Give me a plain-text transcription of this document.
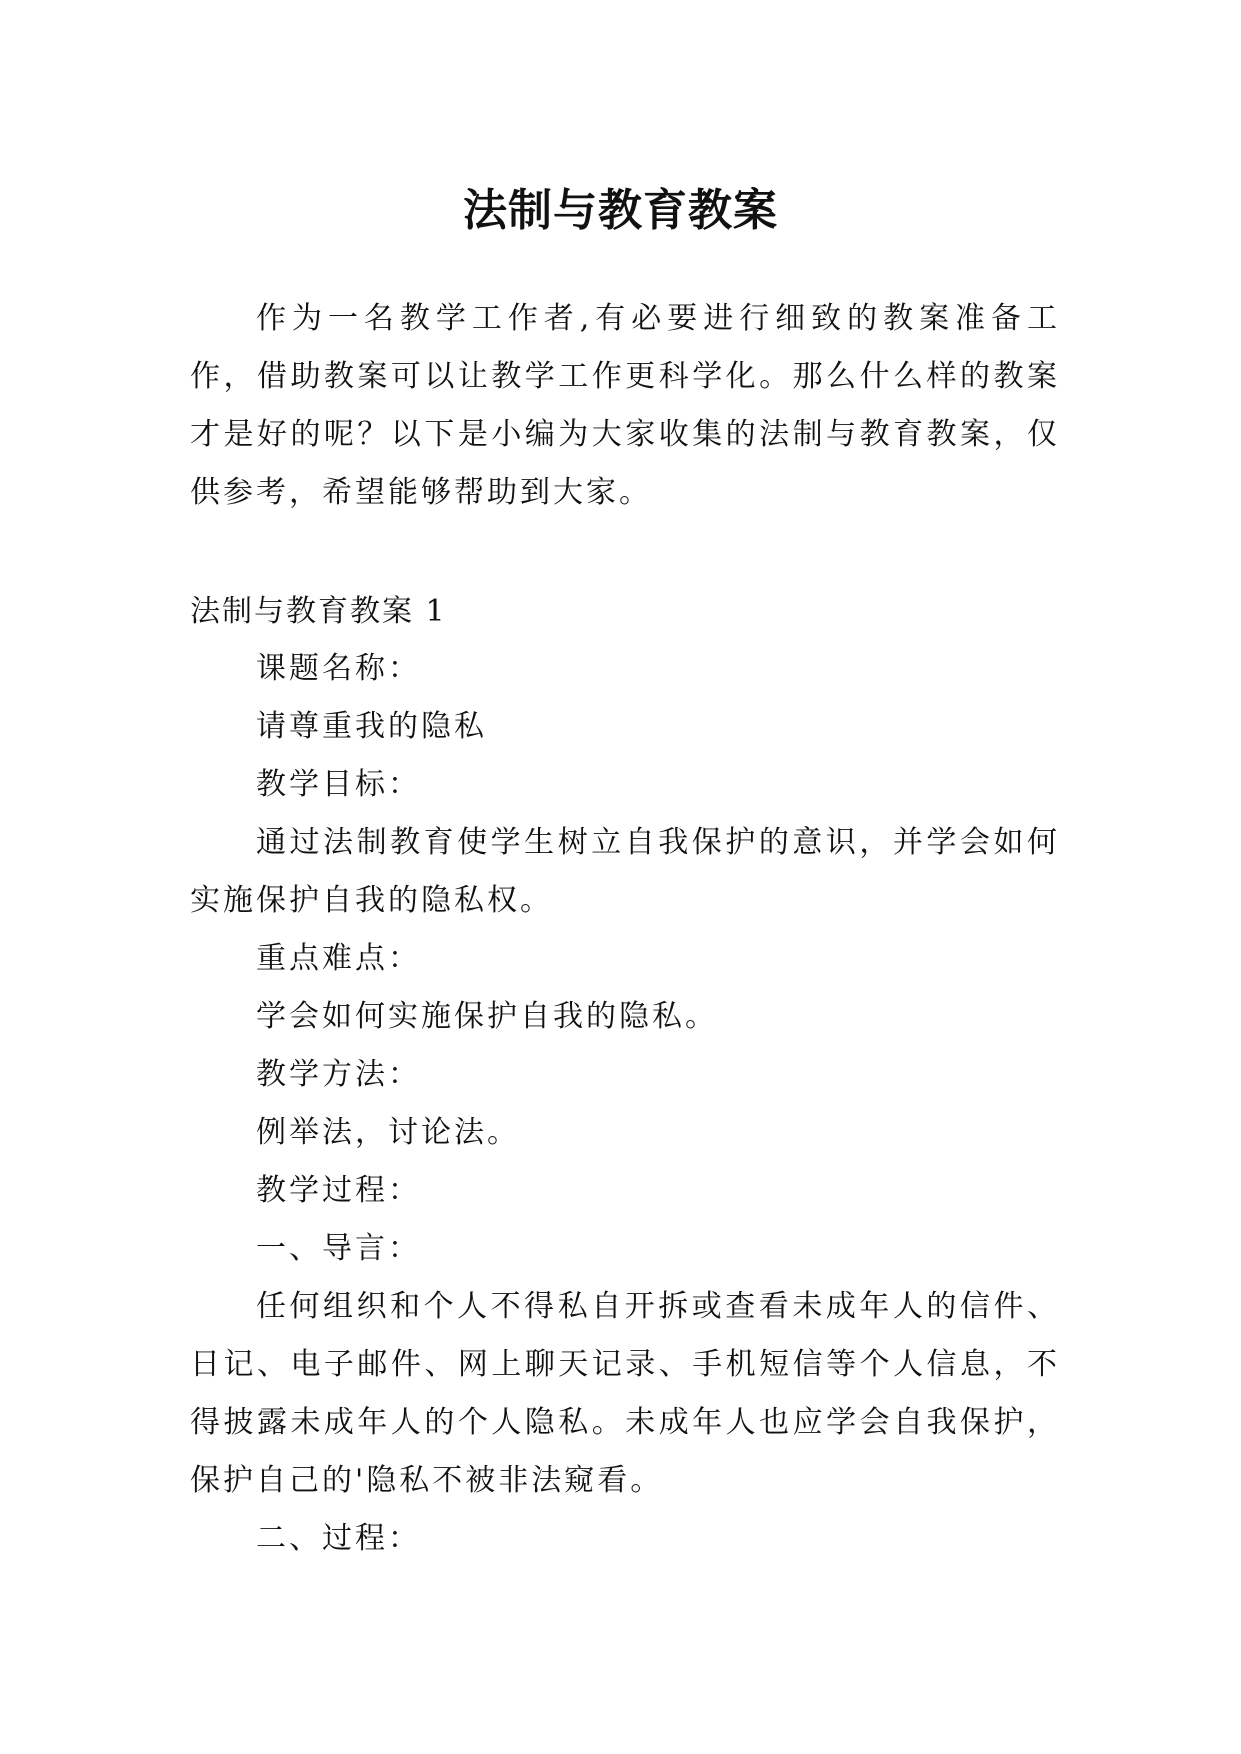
法制与教育教案

作为一名教学工作者,有必要进行细致的教案准备工作，借助教案可以让教学工作更科学化。那么什么样的教案才是好的呢？以下是小编为大家收集的法制与教育教案，仅供参考，希望能够帮助到大家。

法制与教育教案 1

课题名称：

请尊重我的隐私

教学目标：

通过法制教育使学生树立自我保护的意识，并学会如何实施保护自我的隐私权。

重点难点：

学会如何实施保护自我的隐私。

教学方法：

例举法，讨论法。

教学过程：

一、导言：

任何组织和个人不得私自开拆或查看未成年人的信件、日记、电子邮件、网上聊天记录、手机短信等个人信息，不得披露未成年人的个人隐私。未成年人也应学会自我保护，保护自己的'隐私不被非法窥看。

二、过程：
